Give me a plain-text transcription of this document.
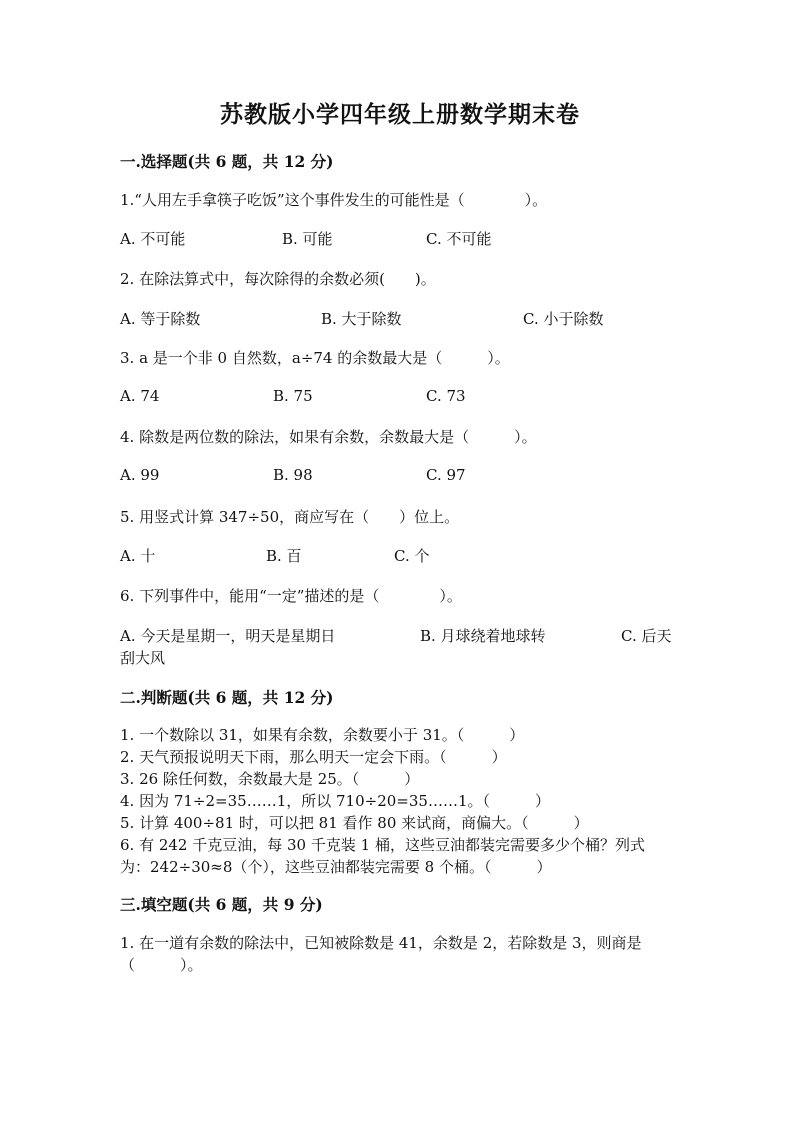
苏教版小学四年级上册数学期末卷
一.选择题(共 6 题，共 12 分)
1.“人用左手拿筷子吃饭”这个事件发生的可能性是（　　　　）。
A. 不可能	B. 可能	C. 不可能
2. 在除法算式中，每次除得的余数必须(　　)。
A. 等于除数	B. 大于除数	C. 小于除数
3. a 是一个非 0 自然数，a÷74 的余数最大是（　　　）。
A. 74	B. 75	C. 73
4. 除数是两位数的除法，如果有余数，余数最大是（　　　）。
A. 99	B. 98	C. 97
5. 用竖式计算 347÷50，商应写在（　　）位上。
A. 十	B. 百	C. 个
6. 下列事件中，能用“一定”描述的是（　　　　）。
A. 今天是星期一，明天是星期日	B. 月球绕着地球转	C. 后天
刮大风
二.判断题(共 6 题，共 12 分)
1. 一个数除以 31，如果有余数，余数要小于 31。（　　　）
2. 天气预报说明天下雨，那么明天一定会下雨。（　　　）
3. 26 除任何数，余数最大是 25。（　　　）
4. 因为 71÷2=35……1，所以 710÷20=35……1。（　　　）
5. 计算 400÷81 时，可以把 81 看作 80 来试商，商偏大。（　　　）
6. 有 242 千克豆油，每 30 千克装 1 桶，这些豆油都装完需要多少个桶？列式
为：242÷30≈8（个），这些豆油都装完需要 8 个桶。（　　　）
三.填空题(共 6 题，共 9 分)
1. 在一道有余数的除法中，已知被除数是 41，余数是 2，若除数是 3，则商是
（　　　）。
